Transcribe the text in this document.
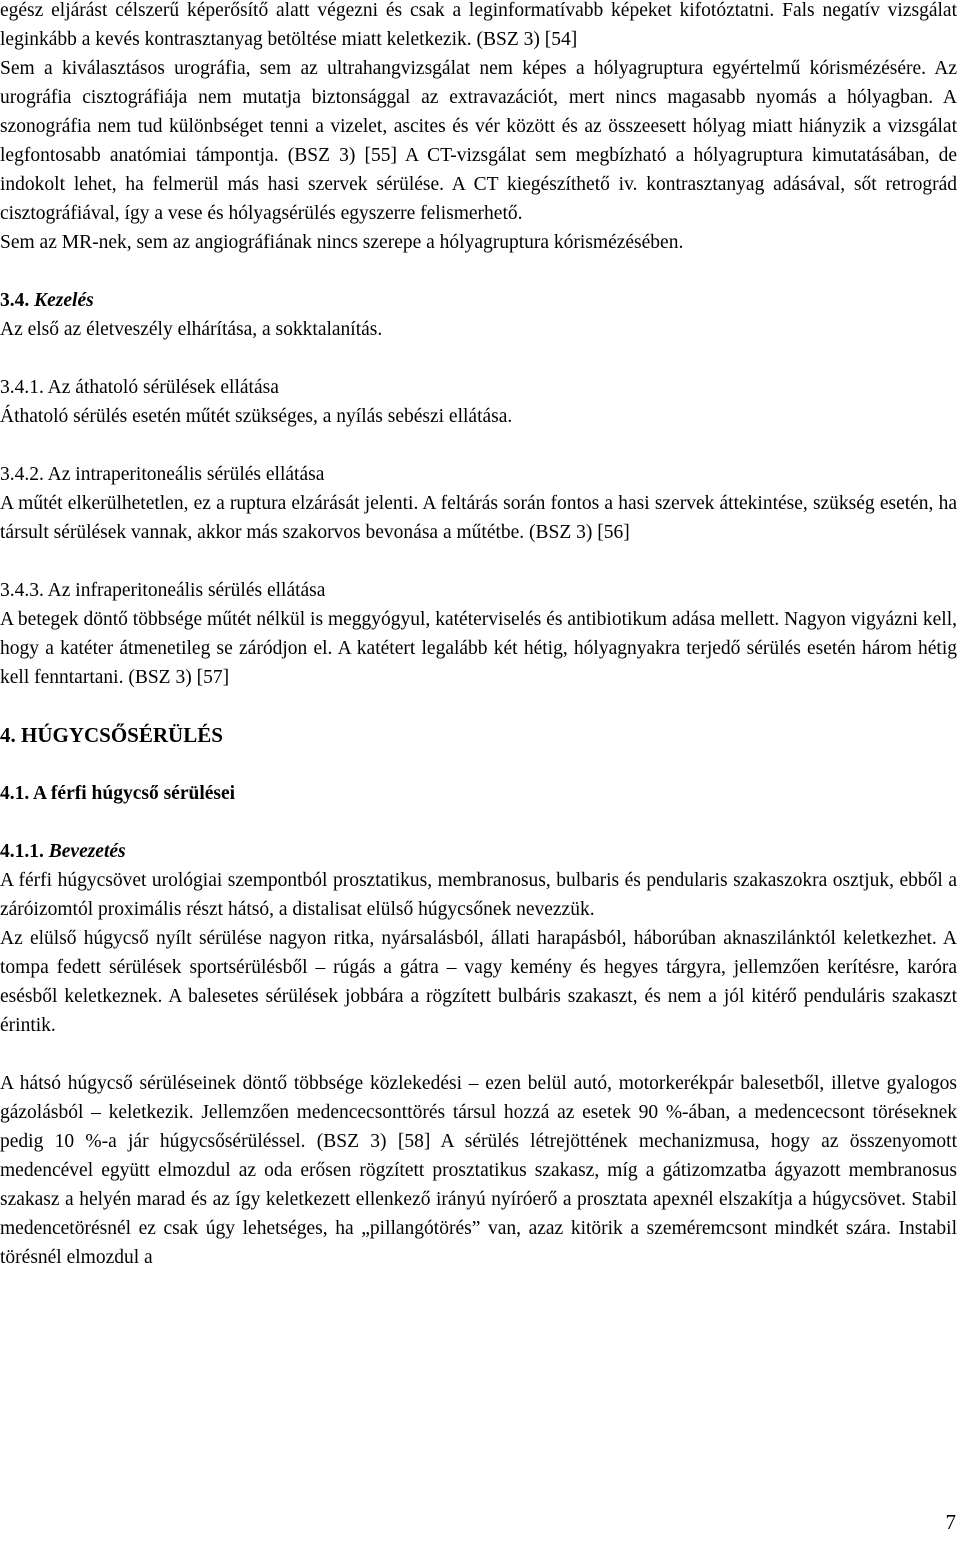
egész eljárást célszerű képerősítő alatt végezni és csak a leginformatívabb képeket kifotóztatni. Fals negatív vizsgálat leginkább a kevés kontrasztanyag betöltése miatt keletkezik. (BSZ 3) [54]

Sem a kiválasztásos urográfia, sem az ultrahangvizsgálat nem képes a hólyagruptura egyértelmű kórismézésére. Az urográfia cisztográfiája nem mutatja biztonsággal az extravazációt, mert nincs magasabb nyomás a hólyagban. A szonográfia nem tud különbséget tenni a vizelet, ascites és vér között és az összeesett hólyag miatt hiányzik a vizsgálat legfontosabb anatómiai támpontja. (BSZ 3) [55] A CT-vizsgálat sem megbízható a hólyagruptura kimutatásában, de indokolt lehet, ha felmerül más hasi szervek sérülése. A CT kiegészíthető iv. kontrasztanyag adásával, sőt retrográd cisztográfiával, így a vese és hólyagsérülés egyszerre felismerhető.

Sem az MR-nek, sem az angiográfiának nincs szerepe a hólyagruptura kórismézésében.

3.4. Kezelés

Az első az életveszély elhárítása, a sokktalanítás.

3.4.1. Az áthatoló sérülések ellátása

Áthatoló sérülés esetén műtét szükséges, a nyílás sebészi ellátása.

3.4.2. Az intraperitoneális sérülés ellátása

A műtét elkerülhetetlen, ez a ruptura elzárását jelenti. A feltárás során fontos a hasi szervek áttekintése, szükség esetén, ha társult sérülések vannak, akkor más szakorvos bevonása a műtétbe. (BSZ 3) [56]

3.4.3. Az infraperitoneális sérülés ellátása

A betegek döntő többsége műtét nélkül is meggyógyul, katéterviselés és antibiotikum adása mellett. Nagyon vigyázni kell, hogy a katéter átmenetileg se záródjon el. A katétert legalább két hétig, hólyagnyakra terjedő sérülés esetén három hétig kell fenntartani. (BSZ 3) [57]

4. HÚGYCSŐSÉRÜLÉS

4.1. A férfi húgycső sérülései

4.1.1. Bevezetés

A férfi húgycsövet urológiai szempontból prosztatikus, membranosus, bulbaris és pendularis szakaszokra osztjuk, ebből a záróizomtól proximális részt hátsó, a distalisat elülső húgycsőnek nevezzük.

Az elülső húgycső nyílt sérülése nagyon ritka, nyársalásból, állati harapásból, háborúban aknaszilánktól keletkezhet. A tompa fedett sérülések sportsérülésből – rúgás a gátra – vagy kemény és hegyes tárgyra, jellemzően kerítésre, karóra esésből keletkeznek. A balesetes sérülések jobbára a rögzített bulbáris szakaszt, és nem a jól kitérő penduláris szakaszt érintik.

A hátsó húgycső sérüléseinek döntő többsége közlekedési – ezen belül autó, motorkerékpár balesetből, illetve gyalogos gázolásból – keletkezik. Jellemzően medencecsonttörés társul hozzá az esetek 90 %-ában, a medencecsont töréseknek pedig 10 %-a jár húgycsősérüléssel. (BSZ 3) [58] A sérülés létrejöttének mechanizmusa, hogy az összenyomott medencével együtt elmozdul az oda erősen rögzített prosztatikus szakasz, míg a gátizomzatba ágyazott membranosus szakasz a helyén marad és az így keletkezett ellenkező irányú nyíróerő a prosztata apexnél elszakítja a húgycsövet. Stabil medencetörésnél ez csak úgy lehetséges, ha „pillangótörés” van, azaz kitörik a szeméremcsont mindkét szára. Instabil törésnél elmozdul a

7
